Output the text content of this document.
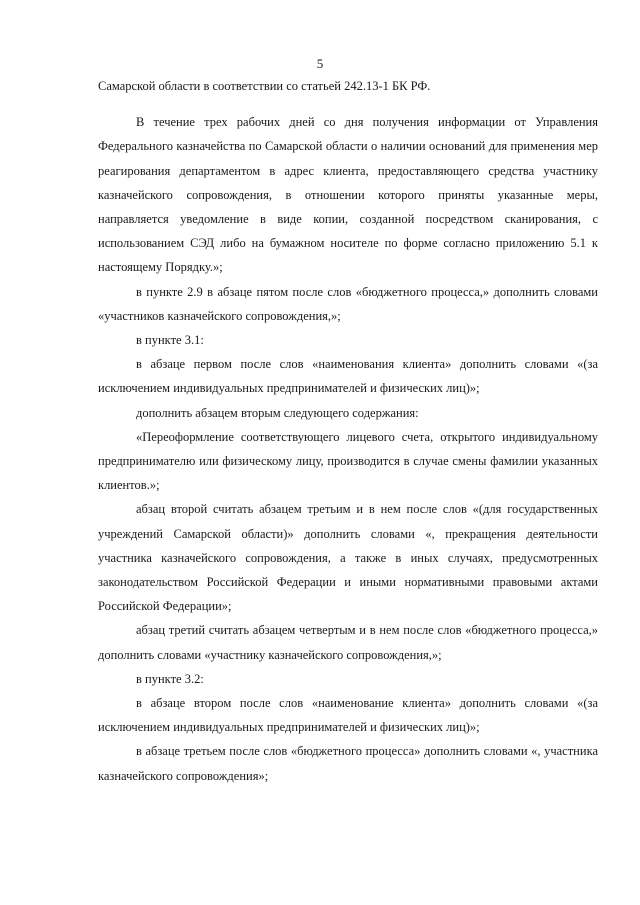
5

Самарской области в соответствии со статьей 242.13-1 БК РФ.

В течение трех рабочих дней со дня получения информации от Управления Федерального казначейства по Самарской области о наличии оснований для применения мер реагирования департаментом в адрес клиента, предоставляющего средства участнику казначейского сопровождения, в отношении которого приняты указанные меры, направляется уведомление в виде копии, созданной посредством сканирования, с использованием СЭД либо на бумажном носителе по форме согласно приложению 5.1 к настоящему Порядку.»;

в пункте 2.9 в абзаце пятом после слов «бюджетного процесса,» дополнить словами «участников казначейского сопровождения,»;

в пункте 3.1:

в абзаце первом после слов «наименования клиента» дополнить словами «(за исключением индивидуальных предпринимателей и физических лиц)»;

дополнить абзацем вторым следующего содержания:

«Переоформление соответствующего лицевого счета, открытого индивидуальному предпринимателю или физическому лицу, производится в случае смены фамилии указанных клиентов.»;

абзац второй считать абзацем третьим и в нем после слов «(для государственных учреждений Самарской области)» дополнить словами «, прекращения деятельности участника казначейского сопровождения, а также в иных случаях, предусмотренных законодательством Российской Федерации и иными нормативными правовыми актами Российской Федерации»;

абзац третий считать абзацем четвертым и в нем после слов «бюджетного процесса,» дополнить словами «участнику казначейского сопровождения,»;

в пункте 3.2:

в абзаце втором после слов «наименование клиента» дополнить словами «(за исключением индивидуальных предпринимателей и физических лиц)»;

в абзаце третьем после слов «бюджетного процесса» дополнить словами «, участника казначейского сопровождения»;
